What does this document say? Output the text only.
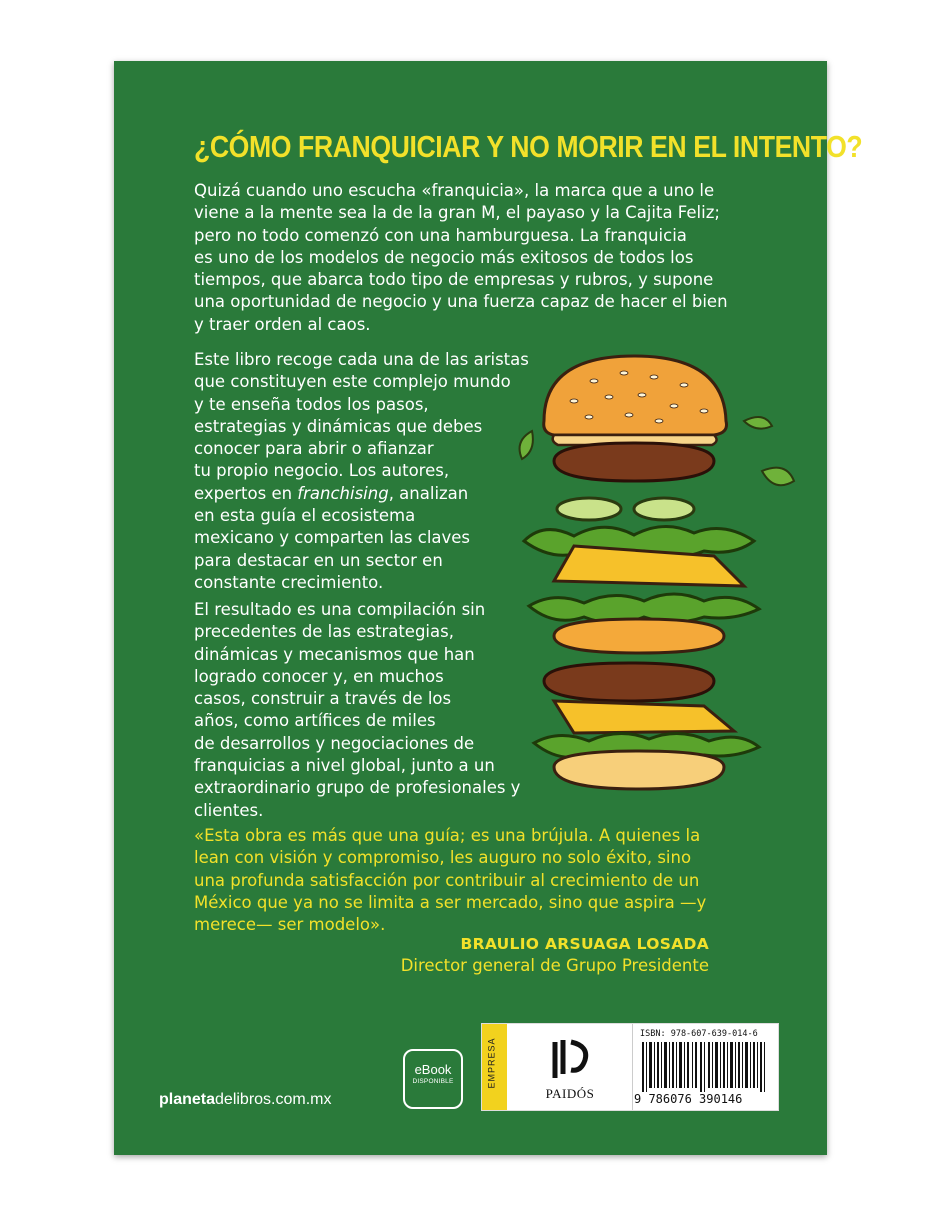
¿CÓMO FRANQUICIAR Y NO MORIR EN EL INTENTO?
Quizá cuando uno escucha «franquicia», la marca que a uno le
viene a la mente sea la de la gran M, el payaso y la Cajita Feliz;
pero no todo comenzó con una hamburguesa. La franquicia
es uno de los modelos de negocio más exitosos de todos los
tiempos, que abarca todo tipo de empresas y rubros, y supone
una oportunidad de negocio y una fuerza capaz de hacer el bien
y traer orden al caos.
Este libro recoge cada una de las aristas
que constituyen este complejo mundo
y te enseña todos los pasos,
estrategias y dinámicas que debes
conocer para abrir o afianzar
tu propio negocio. Los autores,
expertos en franchising, analizan
en esta guía el ecosistema
mexicano y comparten las claves
para destacar en un sector en
constante crecimiento.
El resultado es una compilación sin
precedentes de las estrategias,
dinámicas y mecanismos que han
logrado conocer y, en muchos
casos, construir a través de los
años, como artífices de miles
de desarrollos y negociaciones de
franquicias a nivel global, junto a un
extraordinario grupo de profesionales y
clientes.
«Esta obra es más que una guía; es una brújula. A quienes la
lean con visión y compromiso, les auguro no solo éxito, sino
una profunda satisfacción por contribuir al crecimiento de un
México que ya no se limita a ser mercado, sino que aspira —y
merece— ser modelo».
BRAULIO ARSUAGA LOSADA
Director general de Grupo Presidente
planetadelibros.com.mx
eBook
DISPONIBLE	EMPRESA
PAIDÓS
ISBN: 978-607-639-014-6
9 786076 390146
